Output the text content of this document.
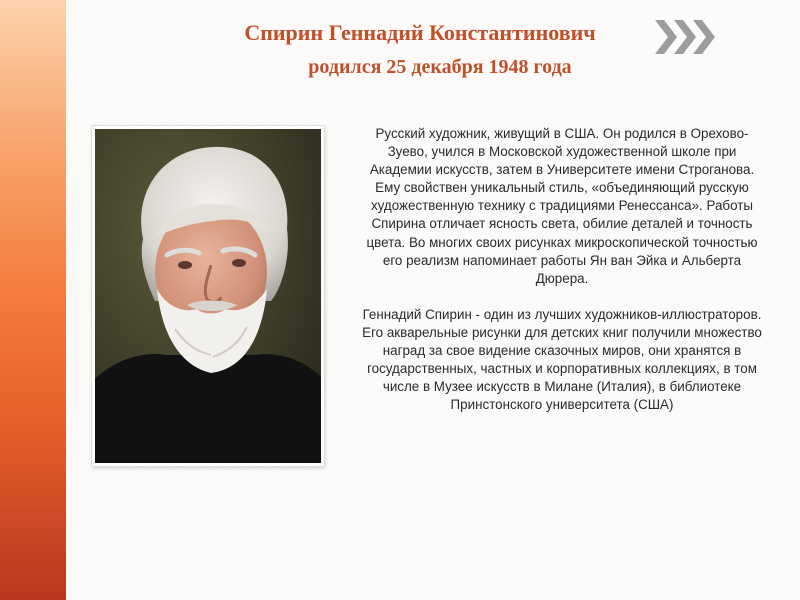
Спирин Геннадий Константинович
родился 25 декабря 1948 года

Русский художник, живущий в США. Он родился в Орехово-Зуево, учился в Московской художественной школе при Академии искусств, затем в Университете имени Строганова. Ему свойствен уникальный стиль, «объединяющий русскую художественную технику с традициями Ренессанса». Работы Спирина отличает ясность света, обилие деталей и точность цвета. Во многих своих рисунках микроскопической точностью его реализм напоминает работы Ян ван Эйка и Альберта Дюрера.

Геннадий Спирин - один из лучших художников-иллюстраторов. Его акварельные рисунки для детских книг получили множество наград за свое видение сказочных миров, они хранятся в государственных, частных и корпоративных коллекциях, в том числе в Музее искусств в Милане (Италия), в библиотеке Принстонского университета (США)
